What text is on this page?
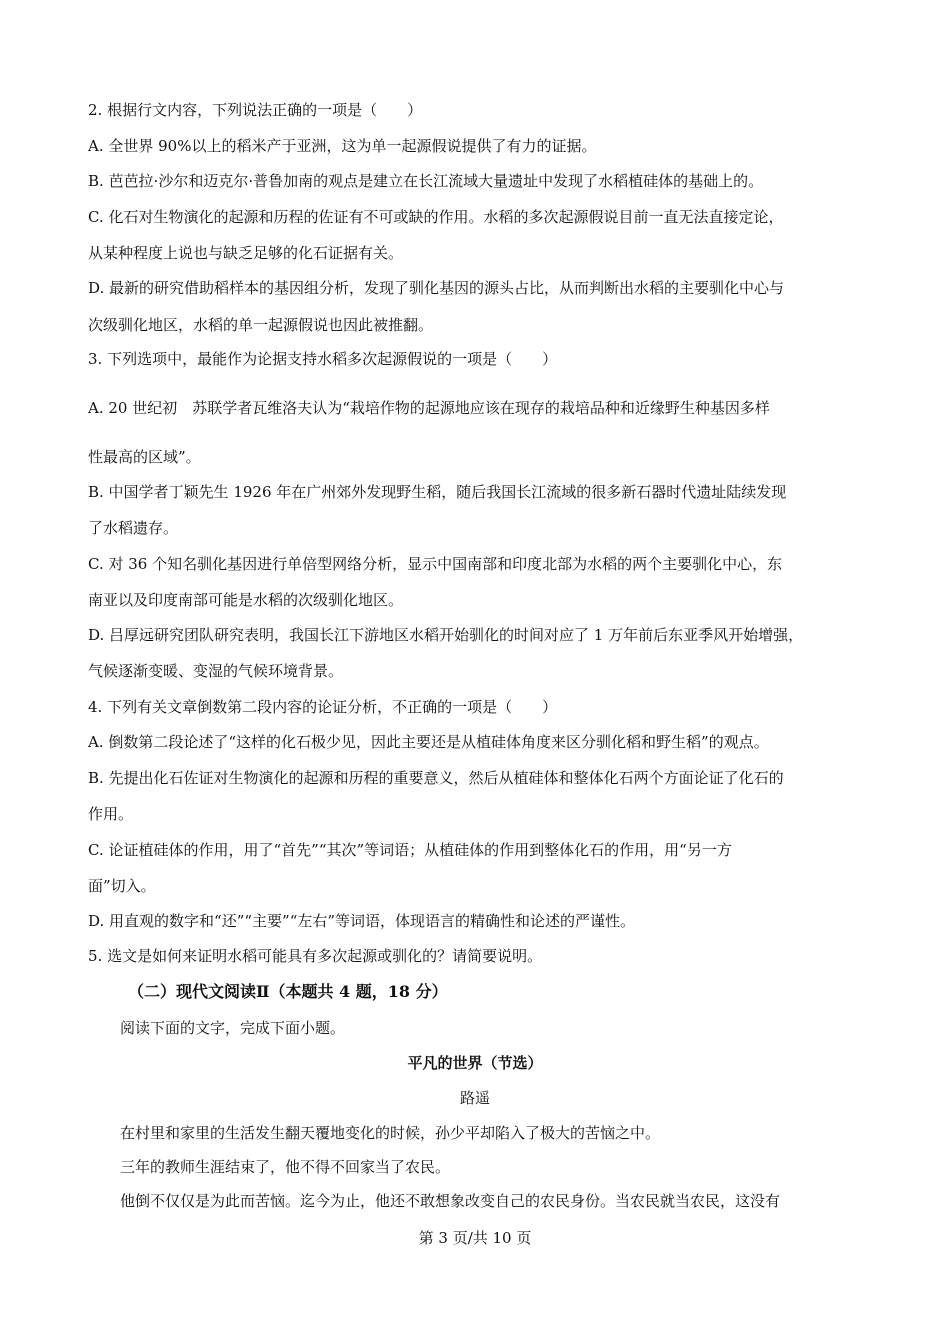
2. 根据行文内容，下列说法正确的一项是（　　）
A. 全世界 90%以上的稻米产于亚洲，这为单一起源假说提供了有力的证据。
B. 芭芭拉·沙尔和迈克尔·普鲁加南的观点是建立在长江流域大量遗址中发现了水稻植硅体的基础上的。
C. 化石对生物演化的起源和历程的佐证有不可或缺的作用。水稻的多次起源假说目前一直无法直接定论，
从某种程度上说也与缺乏足够的化石证据有关。
D. 最新的研究借助稻样本的基因组分析，发现了驯化基因的源头占比，从而判断出水稻的主要驯化中心与
次级驯化地区，水稻的单一起源假说也因此被推翻。
3. 下列选项中，最能作为论据支持水稻多次起源假说的一项是（　　）
A. 20 世纪初　苏联学者瓦维洛夫认为“栽培作物的起源地应该在现存的栽培品种和近缘野生种基因多样
性最高的区域”。
B. 中国学者丁颖先生 1926 年在广州郊外发现野生稻，随后我国长江流域的很多新石器时代遗址陆续发现
了水稻遗存。
C. 对 36 个知名驯化基因进行单倍型网络分析，显示中国南部和印度北部为水稻的两个主要驯化中心，东
南亚以及印度南部可能是水稻的次级驯化地区。
D. 吕厚远研究团队研究表明，我国长江下游地区水稻开始驯化的时间对应了 1 万年前后东亚季风开始增强，
气候逐渐变暖、变湿的气候环境背景。
4. 下列有关文章倒数第二段内容的论证分析，不正确的一项是（　　）
A. 倒数第二段论述了“这样的化石极少见，因此主要还是从植硅体角度来区分驯化稻和野生稻”的观点。
B. 先提出化石佐证对生物演化的起源和历程的重要意义，然后从植硅体和整体化石两个方面论证了化石的
作用。
C. 论证植硅体的作用，用了“首先”“其次”等词语；从植硅体的作用到整体化石的作用，用“另一方
面”切入。
D. 用直观的数字和“还”“主要”“左右”等词语，体现语言的精确性和论述的严谨性。
5. 选文是如何来证明水稻可能具有多次起源或驯化的？请简要说明。
（二）现代文阅读Ⅱ（本题共 4 题，18 分）
阅读下面的文字，完成下面小题。
平凡的世界（节选）
路遥
在村里和家里的生活发生翻天覆地变化的时候，孙少平却陷入了极大的苦恼之中。
三年的教师生涯结束了，他不得不回家当了农民。
他倒不仅仅是为此而苦恼。迄今为止，他还不敢想象改变自己的农民身份。当农民就当农民，这没有
第 3 页/共 10 页
